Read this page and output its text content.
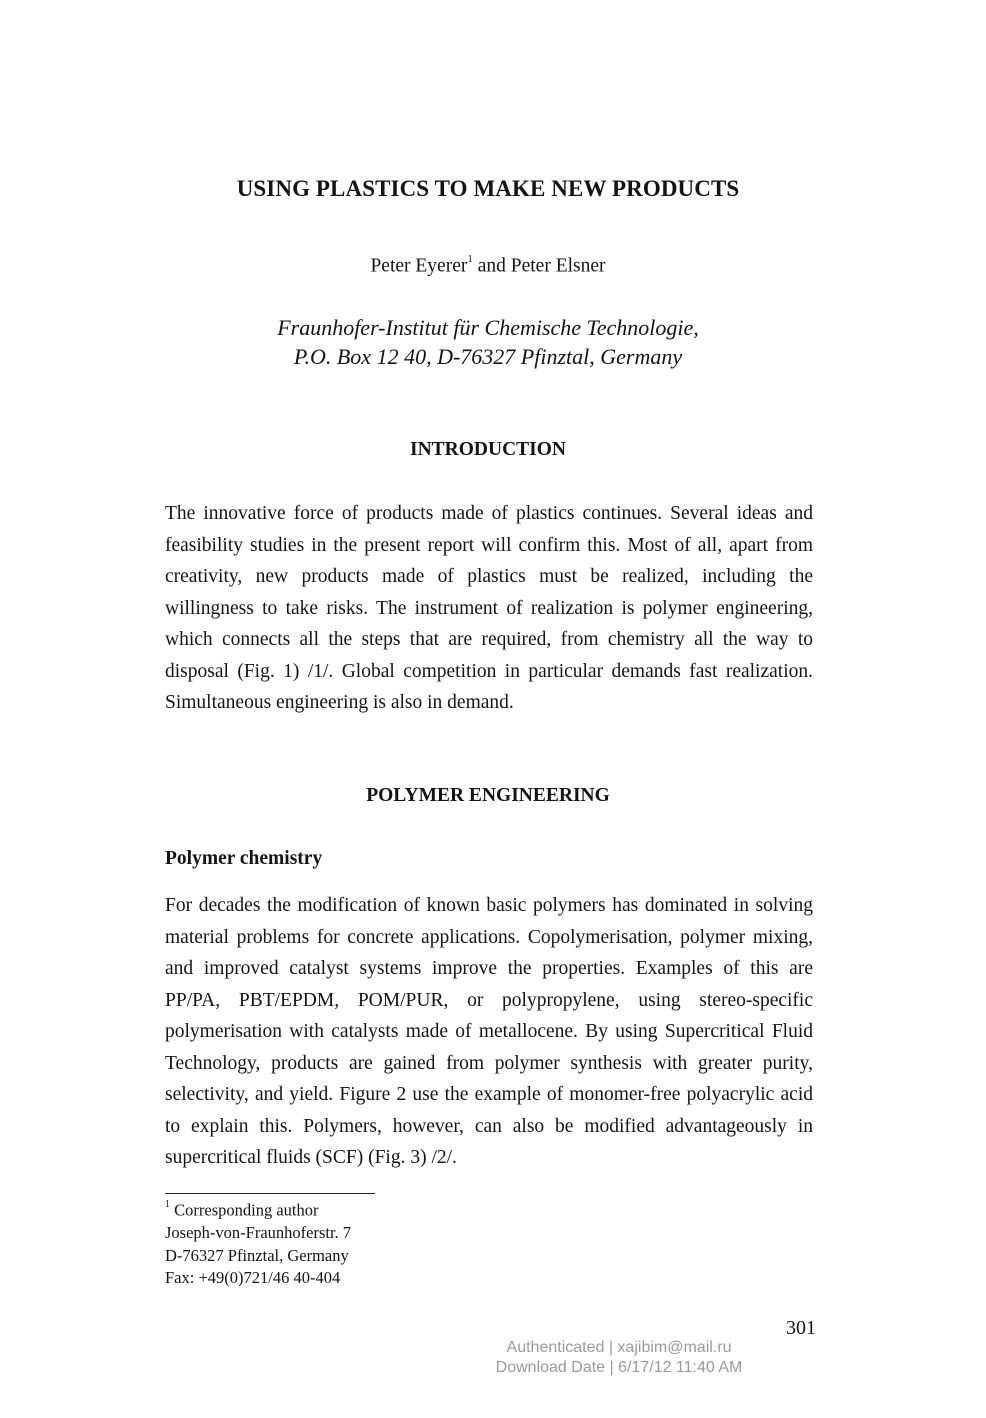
USING PLASTICS TO MAKE NEW PRODUCTS
Peter Eyerer$^1$ and Peter Elsner
Fraunhofer-Institut für Chemische Technologie,
P.O. Box 12 40, D-76327 Pfinztal, Germany
INTRODUCTION

The innovative force of products made of plastics continues. Several ideas and feasibility studies in the present report will confirm this. Most of all, apart from creativity, new products made of plastics must be realized, including the willingness to take risks. The instrument of realization is polymer engineering, which connects all the steps that are required, from chemistry all the way to disposal (Fig. 1) /1/. Global competition in particular demands fast realization. Simultaneous engineering is also in demand.

POLYMER ENGINEERING
Polymer chemistry

For decades the modification of known basic polymers has dominated in solving material problems for concrete applications. Copolymerisation, polymer mixing, and improved catalyst systems improve the properties. Examples of this are PP/PA, PBT/EPDM, POM/PUR, or polypropylene, using stereo-specific polymerisation with catalysts made of metallocene. By using Supercritical Fluid Technology, products are gained from polymer synthesis with greater purity, selectivity, and yield. Figure 2 use the example of monomer-free polyacrylic acid to explain this. Polymers, however, can also be modified advantageously in supercritical fluids (SCF) (Fig. 3) /2/.

$^1$ Corresponding author
Joseph-von-Fraunhoferstr. 7
D-76327 Pfinztal, Germany
Fax: +49(0)721/46 40-404
301
Authenticated | xajibim@mail.ru
Download Date | 6/17/12 11:40 AM
